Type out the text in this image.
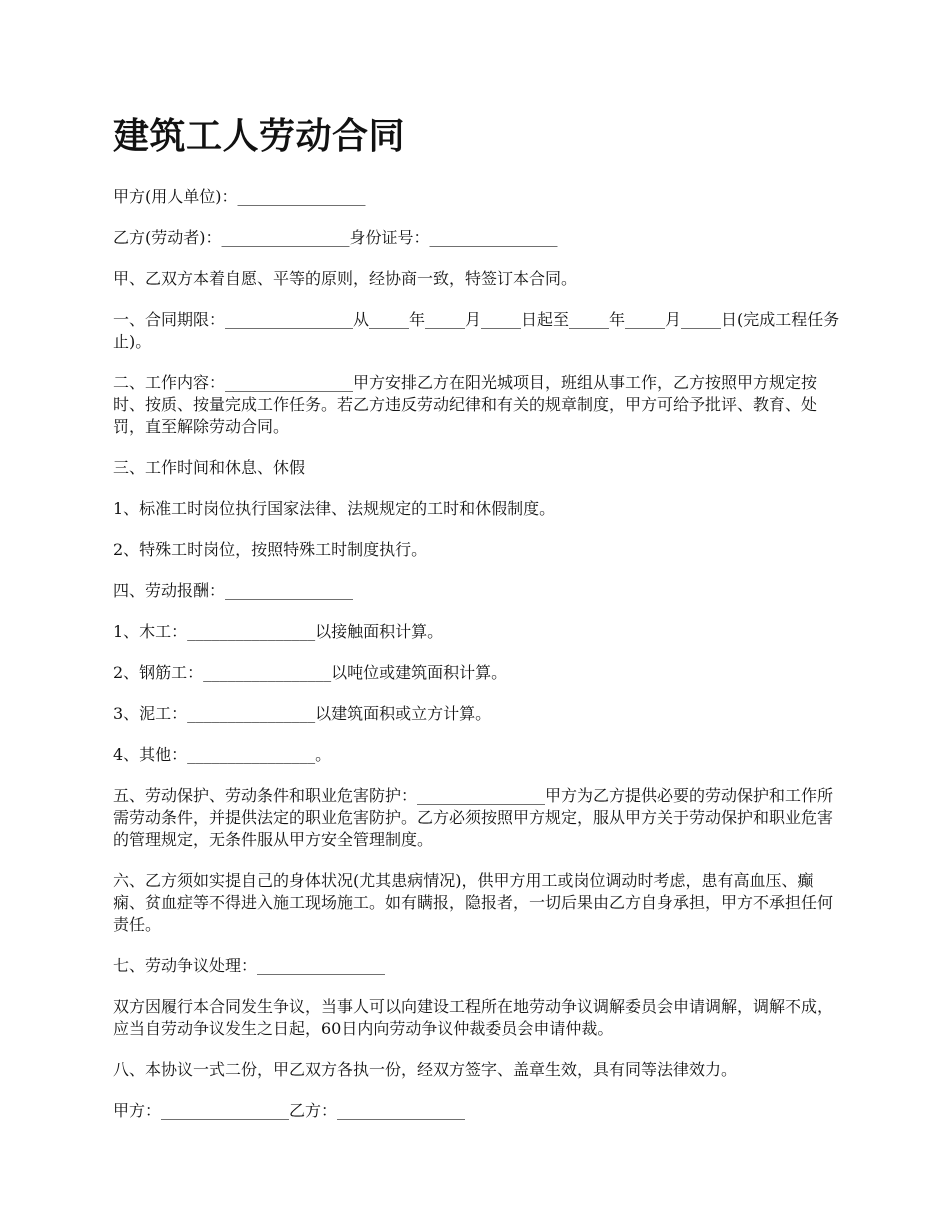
建筑工人劳动合同

甲方(用人单位)：________________

乙方(劳动者)：________________身份证号：________________

甲、乙双方本着自愿、平等的原则，经协商一致，特签订本合同。

一、合同期限：________________从_____年_____月_____日起至_____年_____月_____日(完成工程任务止)。

二、工作内容：________________甲方安排乙方在阳光城项目，班组从事工作，乙方按照甲方规定按时、按质、按量完成工作任务。若乙方违反劳动纪律和有关的规章制度，甲方可给予批评、教育、处罚，直至解除劳动合同。

三、工作时间和休息、休假

1、标准工时岗位执行国家法律、法规规定的工时和休假制度。

2、特殊工时岗位，按照特殊工时制度执行。

四、劳动报酬：________________

1、木工：________________以接触面积计算。

2、钢筋工：________________以吨位或建筑面积计算。

3、泥工：________________以建筑面积或立方计算。

4、其他：________________。

五、劳动保护、劳动条件和职业危害防护：________________甲方为乙方提供必要的劳动保护和工作所需劳动条件，并提供法定的职业危害防护。乙方必须按照甲方规定，服从甲方关于劳动保护和职业危害的管理规定，无条件服从甲方安全管理制度。

六、乙方须如实提自己的身体状况(尤其患病情况)，供甲方用工或岗位调动时考虑，患有高血压、癫痫、贫血症等不得进入施工现场施工。如有瞒报，隐报者，一切后果由乙方自身承担，甲方不承担任何责任。

七、劳动争议处理：________________

双方因履行本合同发生争议，当事人可以向建设工程所在地劳动争议调解委员会申请调解，调解不成，应当自劳动争议发生之日起，60日内向劳动争议仲裁委员会申请仲裁。

八、本协议一式二份，甲乙双方各执一份，经双方签字、盖章生效，具有同等法律效力。

甲方：________________乙方：________________
